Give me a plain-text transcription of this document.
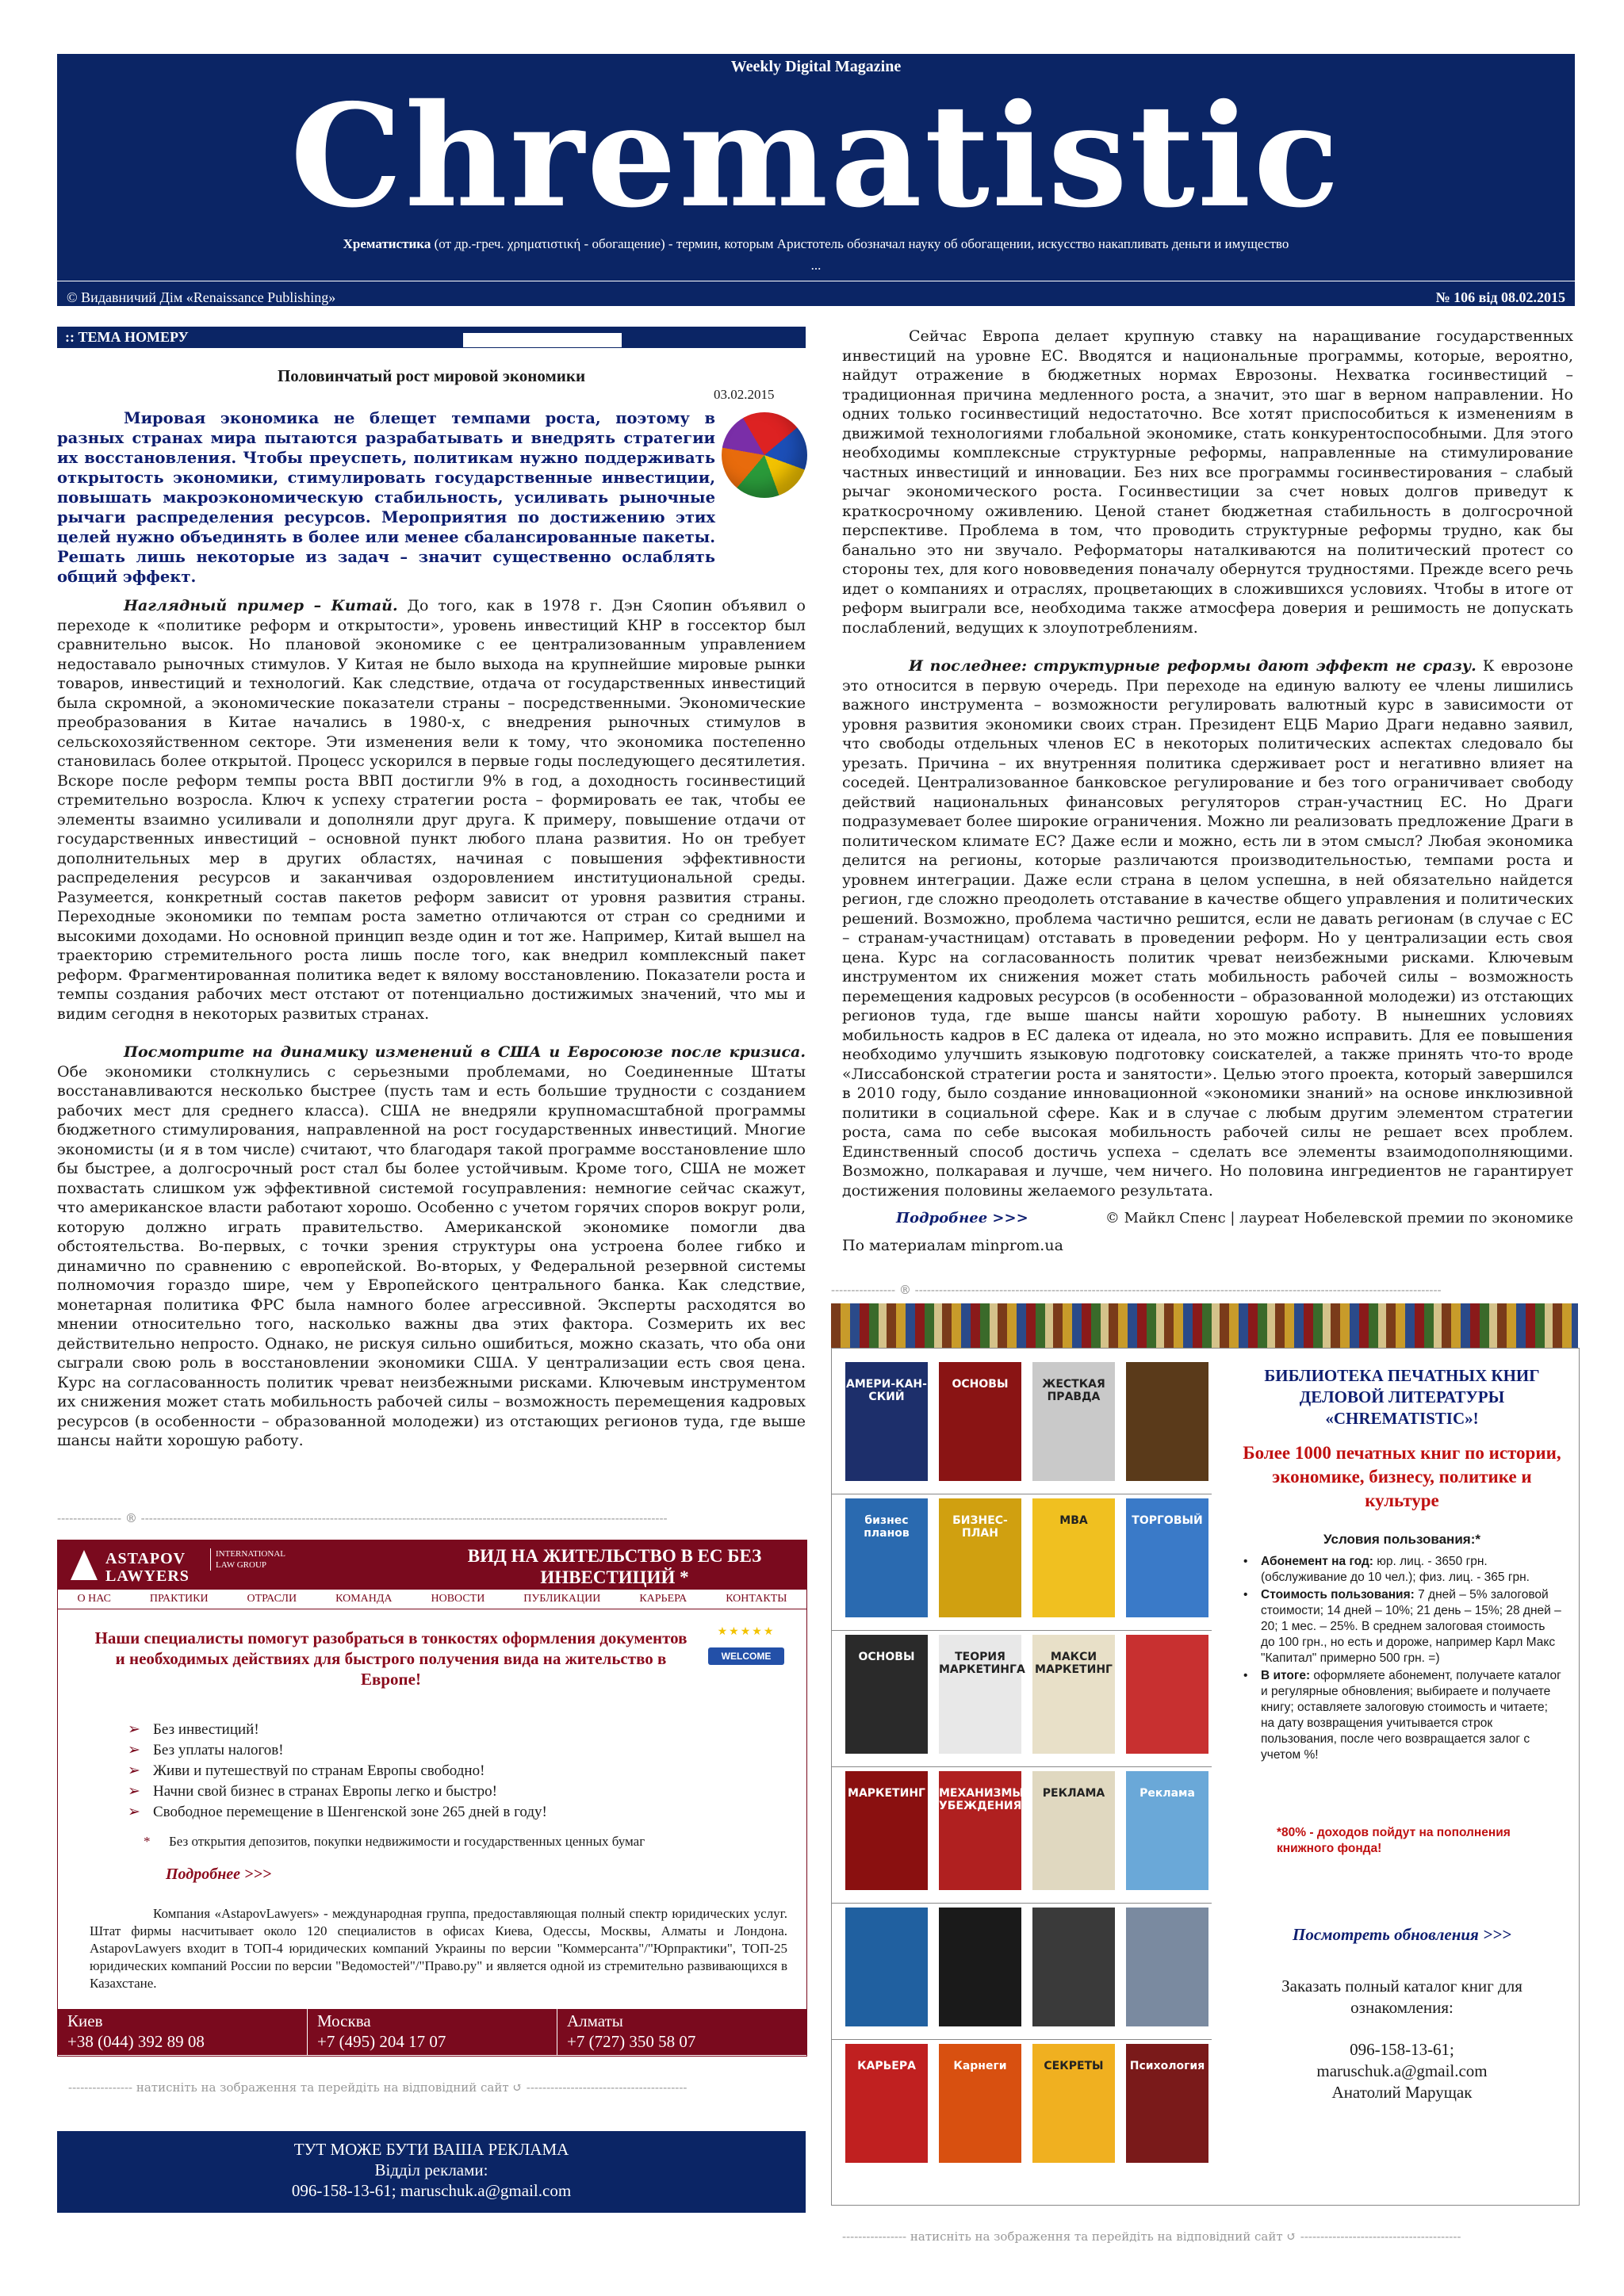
Weekly Digital Magazine
Chrematistic
Хрематистика (от др.-греч. χρηματιστική - обогащение) - термин, которым Аристотель обозначал науку об обогащении, искусство накапливать деньги и имущество ...
© Видавничий Дім «Renaissance Publishing»	№ 106 від 08.02.2015
:: ТЕМА НОМЕРУ
Половинчатый рост мировой экономики
03.02.2015
Мировая экономика не блещет темпами роста, поэтому в разных странах мира пытаются разрабатывать и внедрять стратегии их восстановления. Чтобы преуспеть, политикам нужно поддерживать открытость экономики, стимулировать государственные инвестиции, повышать макроэкономическую стабильность, усиливать рыночные рычаги распределения ресурсов. Мероприятия по достижению этих целей нужно объединять в более или менее сбалансированные пакеты. Решать лишь некоторые из задач – значит существенно ослаблять общий эффект.

Наглядный пример – Китай. До того, как в 1978 г. Дэн Сяопин объявил о переходе к «политике реформ и открытости», уровень инвестиций КНР в госсектор был сравнительно высок. Но плановой экономике с ее централизованным управлением недоставало рыночных стимулов. У Китая не было выхода на крупнейшие мировые рынки товаров, инвестиций и технологий. Как следствие, отдача от государственных инвестиций была скромной, а экономические показатели страны – посредственными. Экономические преобразования в Китае начались в 1980-х, с внедрения рыночных стимулов в сельскохозяйственном секторе. Эти изменения вели к тому, что экономика постепенно становилась более открытой. Процесс ускорился в первые годы последующего десятилетия. Вскоре после реформ темпы роста ВВП достигли 9% в год, а доходность госинвестиций стремительно возросла. Ключ к успеху стратегии роста – формировать ее так, чтобы ее элементы взаимно усиливали и дополняли друг друга. К примеру, повышение отдачи от государственных инвестиций – основной пункт любого плана развития. Но он требует дополнительных мер в других областях, начиная с повышения эффективности распределения ресурсов и заканчивая оздоровлением институциональной среды. Разумеется, конкретный состав пакетов реформ зависит от уровня развития страны. Переходные экономики по темпам роста заметно отличаются от стран со средними и высокими доходами. Но основной принцип везде один и тот же. Например, Китай вышел на траекторию стремительного роста лишь после того, как внедрил комплексный пакет реформ. Фрагментированная политика ведет к вялому восстановлению. Показатели роста и темпы создания рабочих мест отстают от потенциально достижимых значений, что мы и видим сегодня в некоторых развитых странах.

Посмотрите на динамику изменений в США и Евросоюзе после кризиса. Обе экономики столкнулись с серьезными проблемами, но Соединенные Штаты восстанавливаются несколько быстрее (пусть там и есть большие трудности с созданием рабочих мест для среднего класса). США не внедряли крупномасштабной программы бюджетного стимулирования, направленной на рост государственных инвестиций. Многие экономисты (и я в том числе) считают, что благодаря такой программе восстановление шло бы быстрее, а долгосрочный рост стал бы более устойчивым. Кроме того, США не может похвастать слишком уж эффективной системой госуправления: немногие сейчас скажут, что американское власти работают хорошо. Особенно с учетом горячих споров вокруг роли, которую должно играть правительство. Американской экономике помогли два обстоятельства. Во-первых, с точки зрения структуры она устроена более гибко и динамично по сравнению с европейской. Во-вторых, у Федеральной резервной системы полномочия гораздо шире, чем у Европейского центрального банка. Как следствие, монетарная политика ФРС была намного более агрессивной. Эксперты расходятся во мнении относительно того, насколько важны два этих фактора. Созмерить их вес действительно непросто. Однако, не рискуя сильно ошибиться, можно сказать, что оба они сыграли свою роль в восстановлении экономики США. У централизации есть своя цена. Курс на согласованность политик чреват неизбежными рисками. Ключевым инструментом их снижения может стать мобильность рабочей силы – возможность перемещения кадровых ресурсов (в особенности – образованной молодежи) из отстающих регионов туда, где выше шансы найти хорошую работу.

Сейчас Европа делает крупную ставку на наращивание государственных инвестиций на уровне ЕС. Вводятся и национальные программы, которые, вероятно, найдут отражение в бюджетных нормах Еврозоны. Нехватка госинвестиций – традиционная причина медленного роста, а значит, это шаг в верном направлении. Но одних только госинвестиций недостаточно. Все хотят приспособиться к изменениям в движимой технологиями глобальной экономике, стать конкурентоспособными. Для этого необходимы комплексные структурные реформы, направленные на стимулирование частных инвестиций и инновации. Без них все программы госинвестирования – слабый рычаг экономического роста. Госинвестиции за счет новых долгов приведут к краткосрочному оживлению. Ценой станет бюджетная стабильность в долгосрочной перспективе. Проблема в том, что проводить структурные реформы трудно, как бы банально это ни звучало. Реформаторы наталкиваются на политический протест со стороны тех, для кого нововведения поначалу обернутся трудностями. Прежде всего речь идет о компаниях и отраслях, процветающих в сложившихся условиях. Чтобы в итоге от реформ выиграли все, необходима также атмосфера доверия и решимость не допускать послаблений, ведущих к злоупотреблениям.

И последнее: структурные реформы дают эффект не сразу. К еврозоне это относится в первую очередь. При переходе на единую валюту ее члены лишились важного инструмента – возможности регулировать валютный курс в зависимости от уровня развития экономики своих стран. Президент ЕЦБ Марио Драги недавно заявил, что свободы отдельных членов ЕС в некоторых политических аспектах следовало бы урезать. Причина – их внутренняя политика сдерживает рост и негативно влияет на соседей. Централизованное банковское регулирование и без того ограничивает свободу действий национальных финансовых регуляторов стран-участниц ЕС. Но Драги подразумевает более широкие ограничения. Можно ли реализовать предложение Драги в политическом климате ЕС? Даже если и можно, есть ли в этом смысл? Любая экономика делится на регионы, которые различаются производительностью, темпами роста и уровнем интеграции. Даже если страна в целом успешна, в ней обязательно найдется регион, где сложно преодолеть отставание в качестве общего управления и политических решений. Возможно, проблема частично решится, если не давать регионам (в случае с ЕС – странам-участницам) отставать в проведении реформ. Но у централизации есть своя цена. Курс на согласованность политик чреват неизбежными рисками. Ключевым инструментом их снижения может стать мобильность рабочей силы – возможность перемещения кадровых ресурсов (в особенности – образованной молодежи) из отстающих регионов туда, где выше шансы найти хорошую работу. В нынешних условиях мобильность кадров в ЕС далека от идеала, но это можно исправить. Для ее повышения необходимо улучшить языковую подготовку соискателей, а также принять что-то вроде «Лиссабонской стратегии роста и занятости». Целью этого проекта, который завершился в 2010 году, было создание инновационной «экономики знаний» на основе инклюзивной политики в социальной сфере. Как и в случае с любым другим элементом стратегии роста, сама по себе высокая мобильность рабочей силы не решает всех проблем. Единственный способ достичь успеха – сделать все элементы взаимодополняющими. Возможно, полкаравая и лучше, чем ничего. Но половина ингредиентов не гарантирует достижения половины желаемого результата.

Подробнее >>>	© Майкл Спенс | лауреат Нобелевской премии по экономике
По материалам minprom.ua
---------------- ® -----------------------------------------------------------------------------------------------------------------------------------
---------------- ® -----------------------------------------------------------------------------------------------------------------------------------
ASTAPOV LAWYERS
INTERNATIONAL LAW GROUP	ВИД НА ЖИТЕЛЬСТВО В ЕС БЕЗ ИНВЕСТИЦИЙ *
О НАС	ПРАКТИКИ	ОТРАСЛИ	КОМАНДА	НОВОСТИ	ПУБЛИКАЦИИ	КАРЬЕРА	КОНТАКТЫ
Наши специалисты помогут разобраться в тонкостях оформления документов и необходимых действиях для быстрого получения вида на жительство в Европе!
★★★★★
WELCOME
➢ Без инвестиций!
➢ Без уплаты налогов!
➢ Живи и путешествуй по странам Европы свободно!
➢ Начни свой бизнес в странах Европы легко и быстро!
➢ Свободное перемещение в Шенгенской зоне 265 дней в году!
* Без открытия депозитов, покупки недвижимости и государственных ценных бумаг
Подробнее >>>
Компания «AstapovLawyers» - международная группа, предоставляющая полный спектр юридических услуг. Штат фирмы насчитывает около 120 специалистов в офисах Киева, Одессы, Москвы, Алматы и Лондона. AstapovLawyers входит в ТОП-4 юридических компаний Украины по версии "Коммерсанта"/"Юрпрактики", ТОП-25 юридических компаний России по версии "Ведомостей"/"Право.ру" и является одной из стремительно развивающихся в Казахстане.
Киев
+38 (044) 392 89 08
Москва
+7 (495) 204 17 07
Алматы
+7 (727) 350 58 07
---------------- натисніть на зображення та перейдіть на відповідний сайт ↺ ----------------------------------------
ТУТ МОЖЕ БУТИ ВАША РЕКЛАМА
Відділ реклами:
096-158-13-61; maruschuk.a@gmail.com
АМЕРИ-КАН-СКИЙ
ОСНОВЫ	ЖЕСТКАЯ ПРАВДА
бизнес планов
БИЗНЕС-ПЛАН
MBA	ТОРГОВЫЙ
ОСНОВЫ	ТЕОРИЯ МАРКЕТИНГА
МАКСИ МАРКЕТИНГ
МАРКЕТИНГ МЕХАНИЗМЫ УБЕЖДЕНИЯ
РЕКЛАМА	Реклама
КАРЬЕРА	Карнеги	СЕКРЕТЫ	Психология
БИБЛИОТЕКА ПЕЧАТНЫХ КНИГ ДЕЛОВОЙ ЛИТЕРАТУРЫ «CHREMATISTIC»!
Более 1000 печатных книг по истории, экономике, бизнесу, политике и культуре
Условия пользования:*
• Абонемент на год: юр. лиц. - 3650 грн. (обслуживание до 10 чел.); физ. лиц. - 365 грн.
• Стоимость пользования: 7 дней – 5% залоговой стоимости; 14 дней – 10%; 21 день – 15%; 28 дней – 20; 1 мес. – 25%. В среднем залоговая стоимость до 100 грн., но есть и дороже, например Карл Макс "Капитал" примерно 500 грн. =)
• В итоге: оформляете абонемент, получаете каталог и регулярные обновления; выбираете и получаете книгу; оставляете залоговую стоимость и читаете; на дату возвращения учитывается строк пользования, после чего возвращается залог с учетом %!
*80% - доходов пойдут на пополнения книжного фонда!
Посмотреть обновления >>>
Заказать полный каталог книг для ознакомления:
096-158-13-61;
maruschuk.a@gmail.com
Анатолий Марущак
---------------- натисніть на зображення та перейдіть на відповідний сайт ↺ ----------------------------------------
